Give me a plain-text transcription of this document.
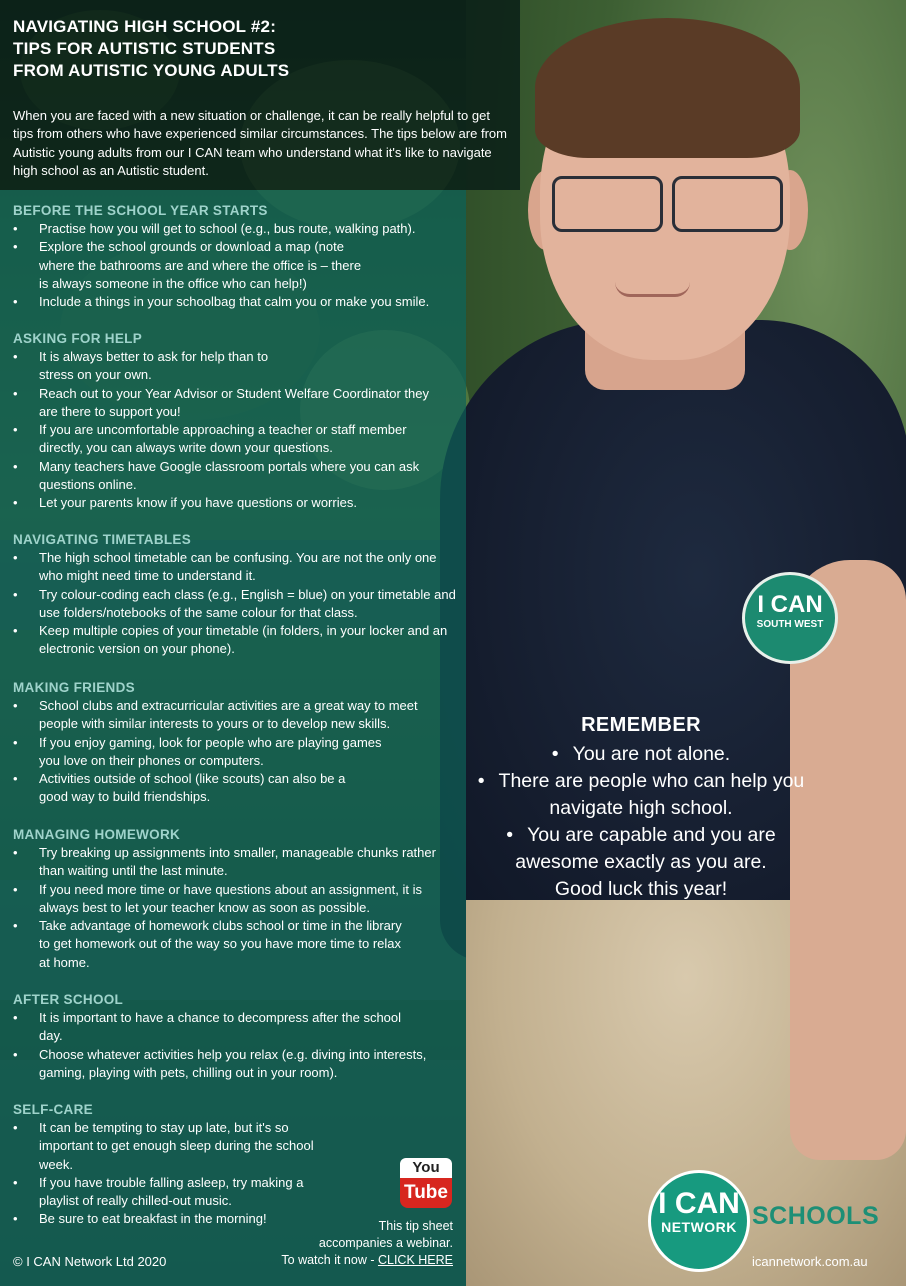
I CAN
SOUTH WEST
NAVIGATING HIGH SCHOOL #2:
TIPS FOR AUTISTIC STUDENTS
FROM AUTISTIC YOUNG ADULTS

When you are faced with a new situation or challenge, it can be really helpful to get tips from others who have experienced similar circumstances. The tips below are from Autistic young adults from our I CAN team who understand what it's like to navigate high school as an Autistic student.

BEFORE THE SCHOOL YEAR STARTS
• Practise how you will get to school (e.g., bus route, walking path).
• Explore the school grounds or download a map (note where the bathrooms are and where the office is – there is always someone in the office who can help!)
• Include a things in your schoolbag that calm you or make you smile.
ASKING FOR HELP
• It is always better to ask for help than to stress on your own.
• Reach out to your Year Advisor or Student Welfare Coordinator they are there to support you!
• If you are uncomfortable approaching a teacher or staff member directly, you can always write down your questions.
• Many teachers have Google classroom portals where you can ask questions online.
• Let your parents know if you have questions or worries.
NAVIGATING TIMETABLES
• The high school timetable can be confusing. You are not the only one who might need time to understand it.
• Try colour-coding each class (e.g., English = blue) on your timetable and use folders/notebooks of the same colour for that class.
• Keep multiple copies of your timetable (in folders, in your locker and an electronic version on your phone).
MAKING FRIENDS
• School clubs and extracurricular activities are a great way to meet people with similar interests to yours or to develop new skills.
• If you enjoy gaming, look for people who are playing games you love on their phones or computers.
• Activities outside of school (like scouts) can also be a good way to build friendships.
MANAGING HOMEWORK
• Try breaking up assignments into smaller, manageable chunks rather than waiting until the last minute.
• If you need more time or have questions about an assignment, it is always best to let your teacher know as soon as possible.
• Take advantage of homework clubs school or time in the library to get homework out of the way so you have more time to relax at home.
AFTER SCHOOL
• It is important to have a chance to decompress after the school day.
• Choose whatever activities help you relax (e.g. diving into interests, gaming, playing with pets, chilling out in your room).
SELF-CARE
• It can be tempting to stay up late, but it's so important to get enough sleep during the school week.
• If you have trouble falling asleep, try making a playlist of really chilled-out music.
• Be sure to eat breakfast in the morning!
REMEMBER
• You are not alone.
• There are people who can help you navigate high school.
• You are capable and you are awesome exactly as you are.
Good luck this year!
You
Tube
This tip sheet
accompanies a webinar.
To watch it now - CLICK HERE
© I CAN Network Ltd 2020
I CAN
NETWORK SCHOOLS
icannetwork.com.au
